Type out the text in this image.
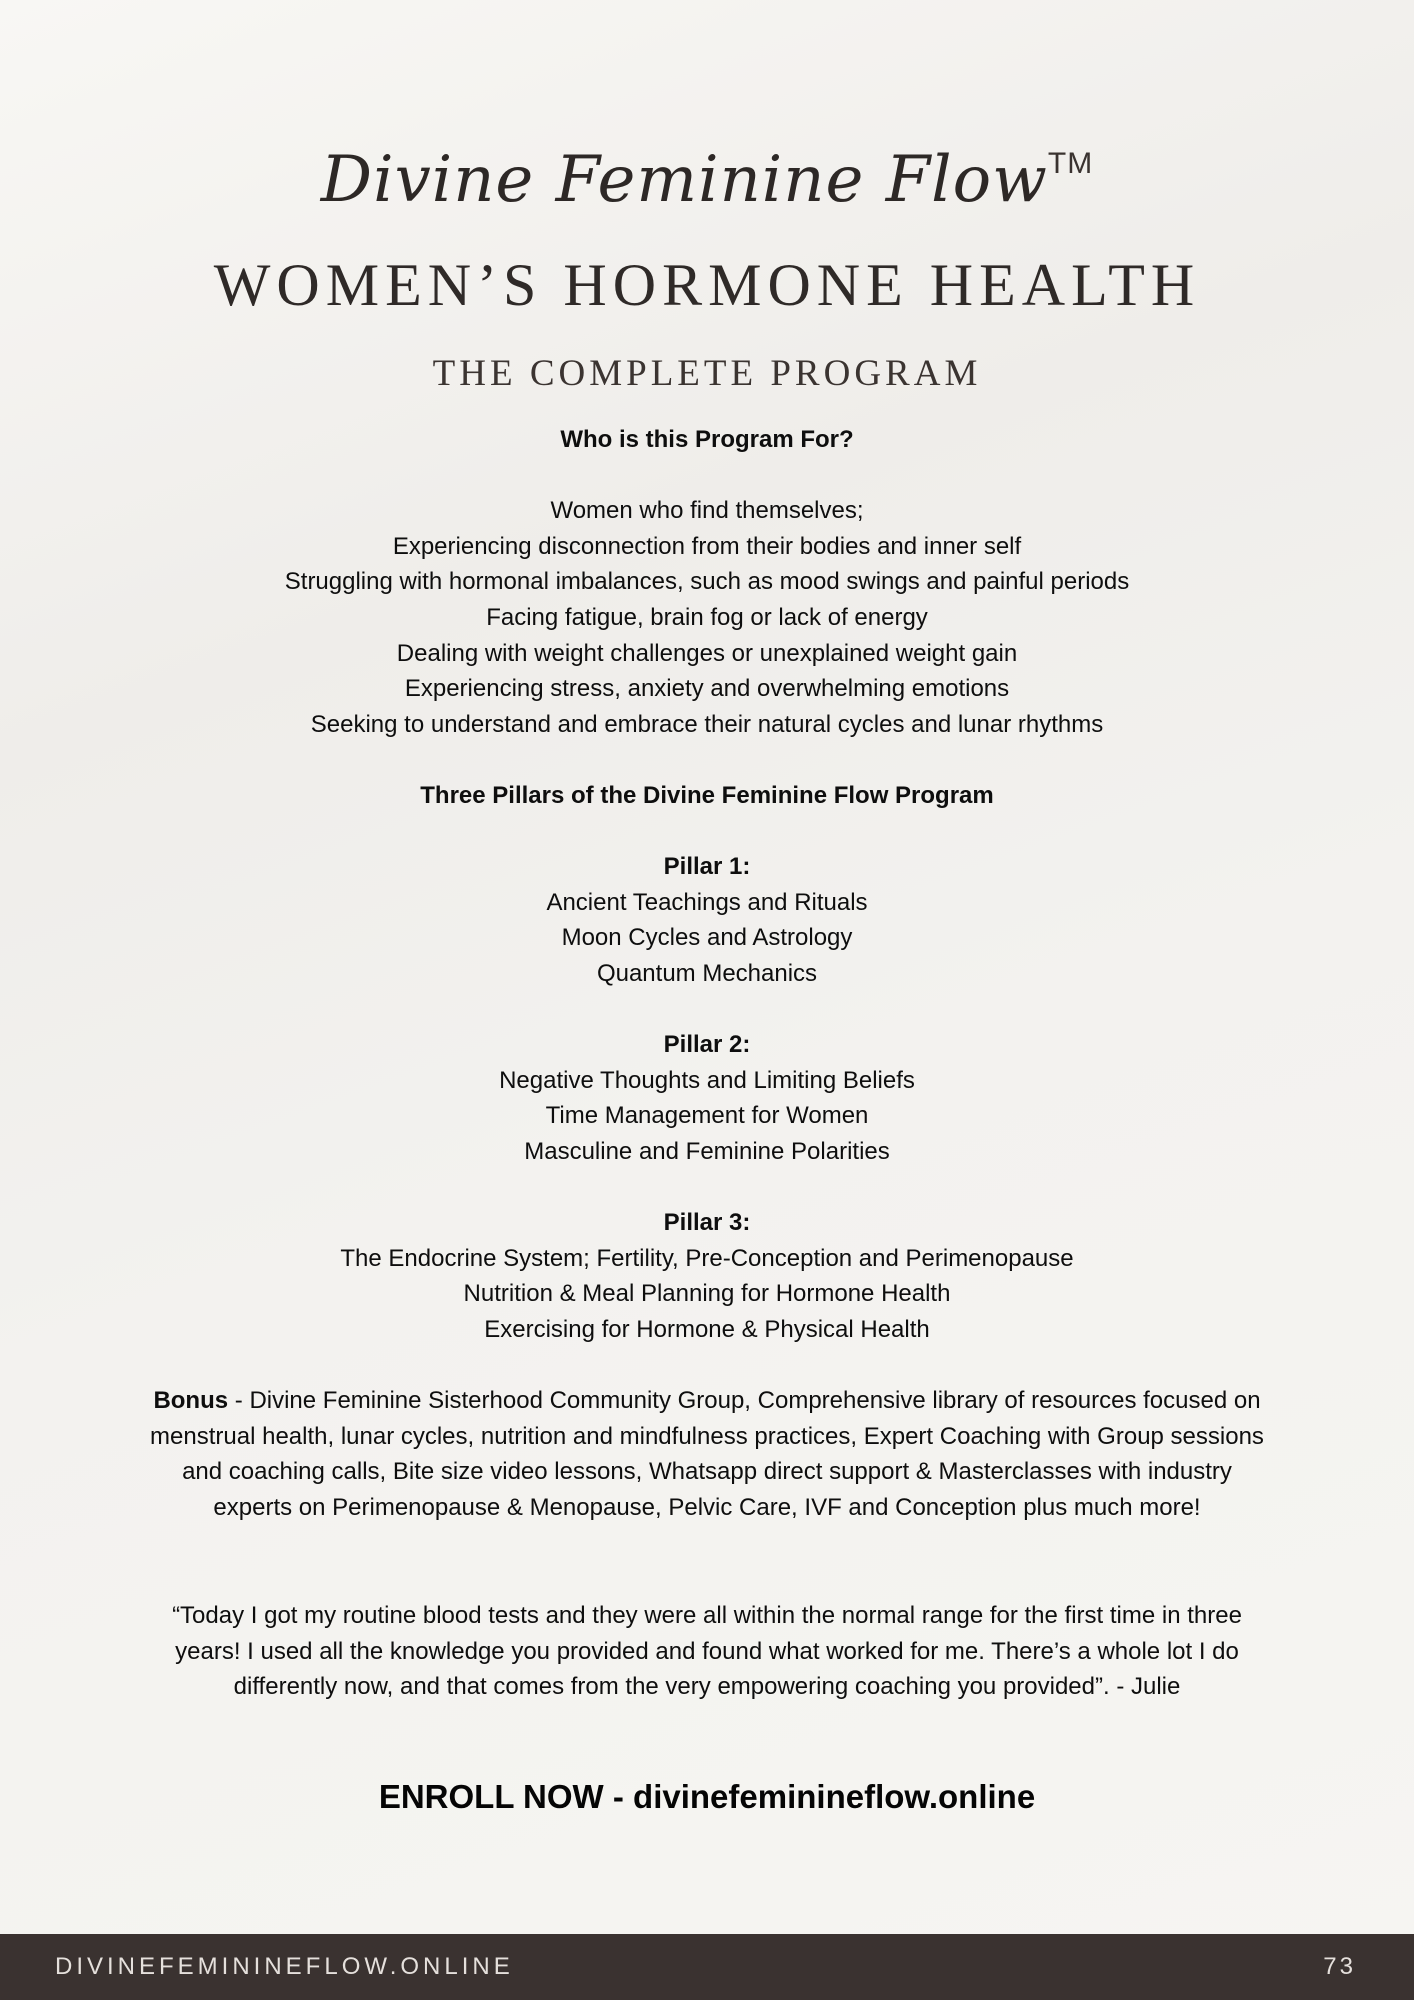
Divine Feminine Flow™
WOMEN’S HORMONE HEALTH
THE COMPLETE PROGRAM
Who is this Program For?

Women who find themselves;
Experiencing disconnection from their bodies and inner self
Struggling with hormonal imbalances, such as mood swings and painful periods
Facing fatigue, brain fog or lack of energy
Dealing with weight challenges or unexplained weight gain
Experiencing stress, anxiety and overwhelming emotions
Seeking to understand and embrace their natural cycles and lunar rhythms

Three Pillars of the Divine Feminine Flow Program

Pillar 1:
Ancient Teachings and Rituals
Moon Cycles and Astrology
Quantum Mechanics

Pillar 2:
Negative Thoughts and Limiting Beliefs
Time Management for Women
Masculine and Feminine Polarities

Pillar 3:
The Endocrine System; Fertility, Pre-Conception and Perimenopause
Nutrition & Meal Planning for Hormone Health
Exercising for Hormone & Physical Health
Bonus - Divine Feminine Sisterhood Community Group, Comprehensive library of resources focused on menstrual health, lunar cycles, nutrition and mindfulness practices, Expert Coaching with Group sessions and coaching calls, Bite size video lessons, Whatsapp direct support & Masterclasses with industry experts on Perimenopause & Menopause, Pelvic Care, IVF and Conception plus much more!
“Today I got my routine blood tests and they were all within the normal range for the first time in three years! I used all the knowledge you provided and found what worked for me. There’s a whole lot I do differently now, and that comes from the very empowering coaching you provided”. - Julie
ENROLL NOW - divinefeminineflow.online
DIVINEFEMININEFLOW.ONLINE	73
